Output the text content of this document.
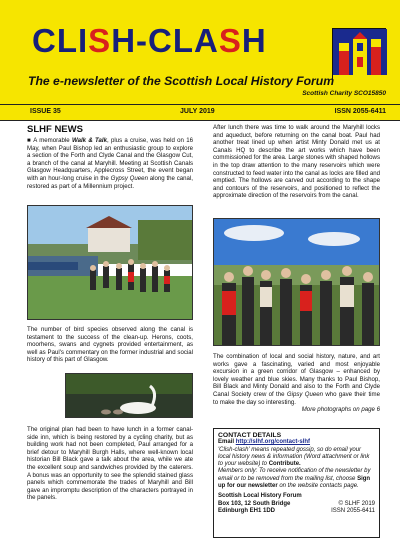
CLISH-CLASH
The e-newsletter of the Scottish Local History Forum
Scottish Charity SCO15850
ISSUE 35	JULY 2019	ISSN 2055-6411
SLHF NEWS
■ A memorable Walk & Talk, plus a cruise, was held on 16 May, when Paul Bishop led an enthusiastic group to explore a section of the Forth and Clyde Canal and the Glasgow Cut, a branch of the canal at Maryhill. Meeting at Scottish Canals Glasgow Headquarters, Applecross Street, the event began with an hour-long cruise in the Gypsy Queen along the canal, restored as part of a Millennium project.
The number of bird species observed along the canal is testament to the success of the clean-up. Herons, coots, moorhens, swans and cygnets provided entertainment, as well as Paul's commentary on the former industrial and social history of this part of Glasgow.
The original plan had been to have lunch in a former canal-side inn, which is being restored by a cycling charity, but as building work had not been completed, Paul arranged for a brief detour to Maryhill Burgh Halls, where well-known local historian Bill Black gave a talk about the area, while we ate the excellent soup and sandwiches provided by the caterers. A bonus was an opportunity to see the splendid stained glass panels which commemorate the trades of Maryhill and Bill gave an impromptu description of the characters portrayed in the panels.
After lunch there was time to walk around the Maryhill locks and aqueduct, before returning on the canal boat. Paul had another treat lined up when artist Minty Donald met us at Canals HQ to describe the art works which have been commissioned for the area. Large stones with shaped hollows in the top draw attention to the many reservoirs which were constructed to feed water into the canal as locks are filled and emptied. The hollows are carved out according to the shape and contours of the reservoirs, and positioned to reflect the approximate direction of the reservoirs from the canal.
The combination of local and social history, nature, and art works gave a fascinating, varied and most enjoyable excursion in a green corridor of Glasgow – enhanced by lovely weather and blue skies. Many thanks to Paul Bishop, Bill Black and Minty Donald and also to the Forth and Clyde Canal Society crew of the Gipsy Queen who gave their time to make the day so interesting.
More photographs on page 6
CONTACT DETAILS
Email http://slhf.org/contact-slhf
'Clish-clash' means repeated gossip, so do email your local history news & information (Word attachment or link to your website) to Contribute.
Members only: To receive notification of the newsletter by email or to be removed from the mailing list, choose Sign up for our newsletter on the website contacts page.
Scottish Local History Forum
Box 103, 12 South Bridge	© SLHF 2019
Edinburgh EH1 1DD	ISSN 2055-6411
